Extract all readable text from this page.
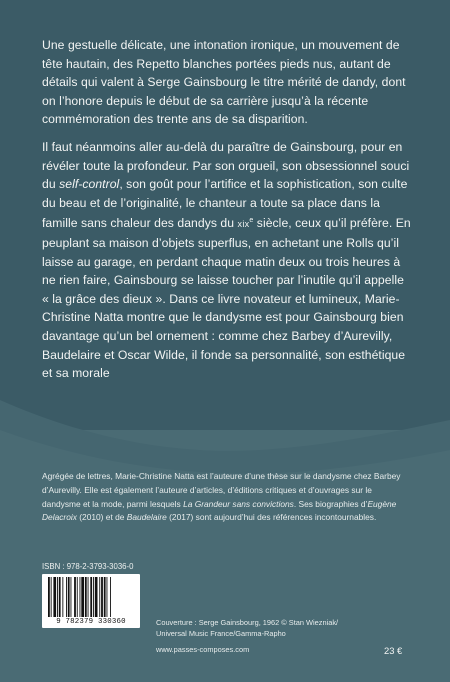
Une gestuelle délicate, une intonation ironique, un mouvement de tête hautain, des Repetto blanches portées pieds nus, autant de détails qui valent à Serge Gainsbourg le titre mérité de dandy, dont on l’honore depuis le début de sa carrière jusqu’à la récente commémoration des trente ans de sa disparition.

Il faut néanmoins aller au-delà du paraître de Gainsbourg, pour en révéler toute la profondeur. Par son orgueil, son obsessionnel souci du self-control, son goût pour l’artifice et la sophistication, son culte du beau et de l’originalité, le chanteur a toute sa place dans la famille sans chaleur des dandys du xix$^e$ siècle, ceux qu’il préfère. En peuplant sa maison d’objets superflus, en achetant une Rolls qu’il laisse au garage, en perdant chaque matin deux ou trois heures à ne rien faire, Gainsbourg se laisse toucher par l’inutile qu’il appelle « la grâce des dieux ». Dans ce livre novateur et lumineux, Marie-Christine Natta montre que le dandysme est pour Gainsbourg bien davantage qu’un bel ornement : comme chez Barbey d’Aurevilly, Baudelaire et Oscar Wilde, il fonde sa personnalité, son esthétique et sa morale

Agrégée de lettres, Marie-Christine Natta est l’auteure d’une thèse sur le dandysme chez Barbey d’Aurevilly. Elle est également l’auteure d’articles, d’éditions critiques et d’ouvrages sur le dandysme et la mode, parmi lesquels La Grandeur sans convictions. Ses biographies d’Eugène Delacroix (2010) et de Baudelaire (2017) sont aujourd’hui des références incontournables.

ISBN : 978-2-3793-3036-0
9 782379 330360	Couverture : Serge Gainsbourg, 1962 © Stan Wiezniak/
Universal Music France/Gamma-Rapho

www.passes-composes.com	23 €
